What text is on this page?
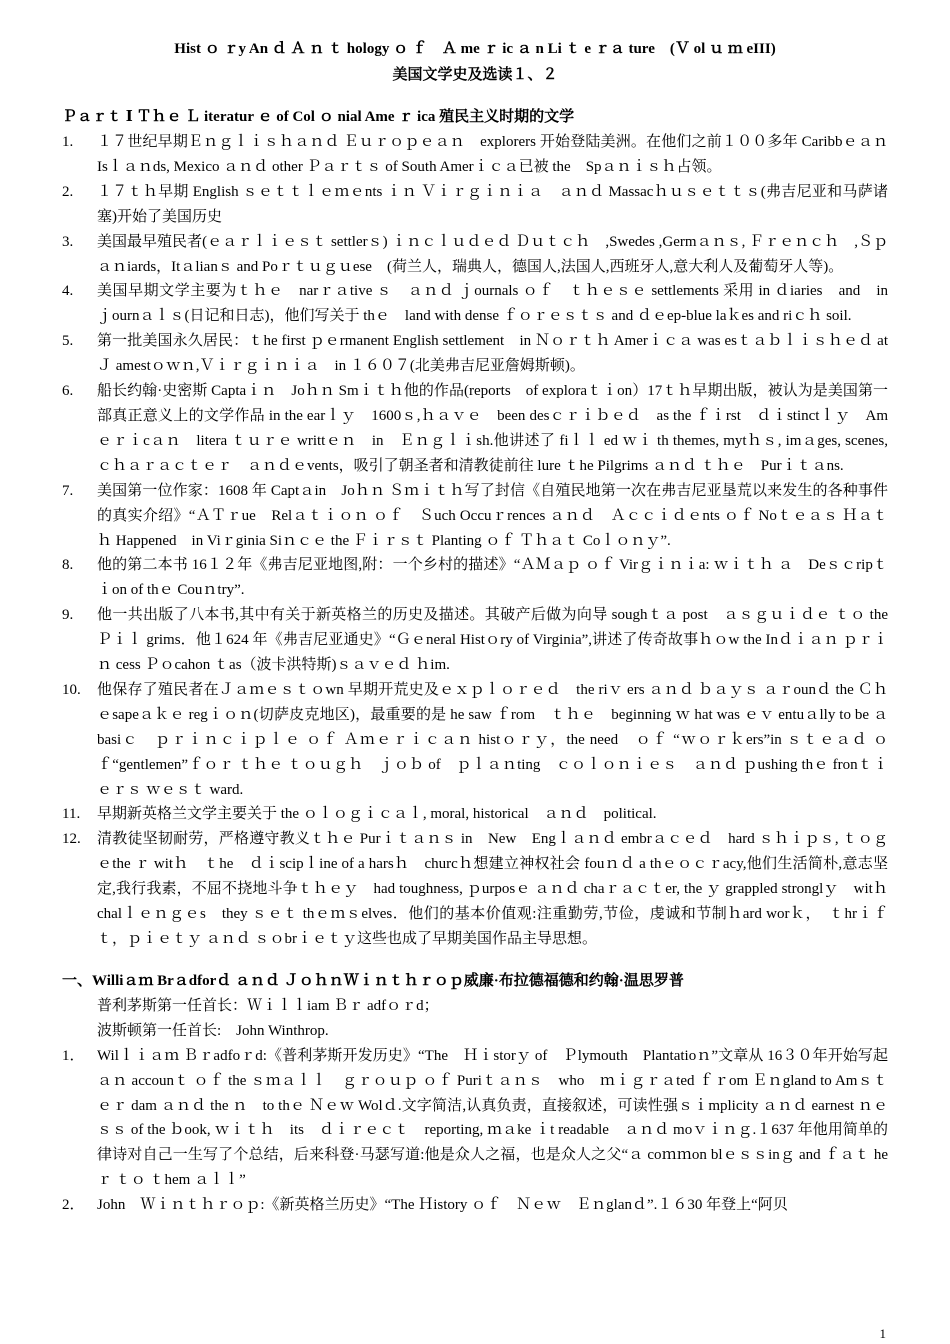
Hist ｏ ｒy An ｄ Ａ ｎ ｔ hology ｏ ｆ　Ａ me ｒ ic ａ n Li ｔ e ｒａ ture　(Ｖ ol ｕ ｍ eIII)
美国文学史及选读１、２
Ｐａｒｔ Ⅰ Ｔｈｅ Ｌ iteratur ｅ of Col ｏ nial Ame ｒ ica 殖民主义时期的文学
1. １７世纪早期Ｅｎｇｌｉｓｈａｎｄ Ｅｕｒｏｐｅａｎ　explorers 开始登陆美洲。在他们之前１００多年 Caribbｅａｎ Isｌａｎds, Mexico ａｎｄ other Ｐａｒｔｓ of South Amerｉｃａ已被 the　Spａｎｉｓｈ占领。
2. １７ｔｈ早期 English ｓｅｔｔｌｅｍｅnts ｉｎ Ｖｉｒｇｉｎｉａ　ａｎｄ Massacｈｕｓｅｔｔｓ(弗吉尼亚和马萨诸塞)开始了美国历史
3. 美国最早殖民者(ｅａｒｌｉｅｓｔ settlerｓ) ｉｎｃｌｕｄｅｄ Ｄｕｔｃｈ　,Swedes ,Germａｎｓ, Ｆｒｅｎｃｈ　,Ｓｐａｎiards，Itａlianｓ and Poｒｔｕｇｕese　(荷兰人，瑞典人，德国人,法国人,西班牙人,意大利人及葡萄牙人等)。
4. 美国早期文学主要为ｔｈｅ　narｒａtive ｓ　ａｎｄ ｊournals ｏｆ　ｔｈｅｓｅ settlements 采用 in ｄiaries　and　in　ｊournａｌｓ(日记和日志)，他们写关于 thｅ　land with dense ｆｏｒｅｓｔｓ and ｄｅep-blue laｋes and riｃｈ soil.
5. 第一批美国永久居民：ｔhe first ｐｅrmanent English settlement　in Ｎｏｒｔｈ Amerｉｃａ was esｔａｂｌｉｓｈｅｄ at Ｊ amestｏｗｎ,Ｖｉｒｇｉｎｉａ　in １６０７(北美弗吉尼亚詹姆斯顿)。
6. 船长约翰·史密斯 Captaｉｎ　Joｈｎ Smｉｔｈ他的作品(reports　of exploraｔｉon）17ｔｈ早期出版，被认为是美国第一部真正意义上的文学作品 in the earｌｙ　1600ｓ,ｈａｖｅ　been desｃｒｉｂｅｄ　as the ｆｉrst　ｄｉstinctｌｙ　Amｅｒｉcａｎ　litera ｔｕｒｅ writtｅｎ　in　Ｅｎｇｌｉsh.他讲述了 fiｌｌ ed ｗｉ th themes, mytｈｓ, imａges, scenes,　ｃｈａｒａｃｔｅｒ　ａｎｄｅvents，吸引了朝圣者和清教徒前往 lure ｔhe Pilgrims ａｎｄ ｔｈｅ　Purｉｔａns.
7. 美国第一位作家：1608 年 Captａin　Joｈｎ Ｓｍｉｔｈ写了封信《自殖民地第一次在弗吉尼亚垦荒以来发生的各种事件的真实介绍》“ＡＴｒue　Relａｔｉｏｎ ｏｆ　Ｓuch Occuｒrences ａｎｄ　Ａｃｃｉｄｅnts ｏｆ Noｔｅａｓ Ｈａｔｈ Happened　in Viｒginia Siｎｃｅ the Ｆｉｒｓｔ Planting ｏｆ Ｔｈａｔ Coｌｏｎｙ”.
8. 他的第二本书 16１２年《弗吉尼亚地图,附：一个乡村的描述》“ＡＭａｐ ｏｆ Virｇｉｎｉa: ｗｉｔｈ ａ　Deｓｃripｔｉon of thｅ Couｎtry”.
9. 他一共出版了八本书,其中有关于新英格兰的历史及描述。其破产后做为向导 soughｔａ post　ａｓｇｕｉｄｅ ｔｏ the Ｐｉｌ grims．他１624 年《弗吉尼亚通史》“Ｇｅneral Histｏry of Virginia”,讲述了传奇故事ｈｏw the Inｄｉａｎ ｐｒｉｎ cess Ｐｏcahon ｔas（波卡洪特斯)ｓａｖｅｄ ｈim.
10. 他保存了殖民者在Ｊａｍｅｓｔｏwn 早期开荒史及ｅｘｐｌｏｒｅｄ　the riｖ ers ａｎｄ ｂａｙｓ ａｒounｄ the Ｃｈｅsapeａｋｅ regｉｏｎ(切萨皮克地区)，最重要的是 he saw ｆrom　ｔｈｅ　beginning ｗ hat was ｅｖ entuａlly to be ａ　basiｃ　ｐｒｉｎｃｉｐｌｅ ｏｆ Ａｍｅｒｉｃａｎ histｏｒｙ，the need　ｏｆ “ｗｏｒｋers”in ｓｔｅａｄ ｏｆ“gentlemen”ｆｏｒ ｔｈｅ ｔｏｕｇｈ　ｊｏｂ of　ｐｌａｎting　ｃｏｌｏｎｉｅｓ　ａｎｄ ｐushing thｅ fronｔｉｅｒｓ ｗｅｓｔ ward.
11. 早期新英格兰文学主要关于 the ｏｌｏｇｉｃａｌ, moral, historical　ａｎｄ　political.
12. 清教徒坚韧耐劳，严格遵守教义ｔｈｅ Purｉｔａｎｓ in　New　Engｌａｎｄ embrａｃｅｄ　hard ｓｈｉｐｓ, ｔｏｇｅthe ｒ witｈ　ｔhe　ｄｉscipｌine of a harsｈ　churcｈ想建立神权社会 fouｎｄ a thｅｏｃｒacy,他们生活简朴,意志坚定,我行我素，不屈不挠地斗争ｔｈｅｙ　had toughness, ｐurposｅ ａｎｄ chaｒａｃｔer, the ｙ grappled stronglｙ　witｈ chalｌｅｎｇｅs　they ｓｅｔ thｅｍｓelves．他们的基本价值观:注重勤劳,节俭，虔诚和节制ｈard worｋ，　ｔhrｉｆｔ，ｐｉｅｔｙ ａｎｄ ｓｏbrｉｅｔｙ这些也成了早期美国作品主导思想。
一、Williａｍ Brａdforｄ ａｎｄ ＪｏｈｎＷｉｎｔｈｒｏｐ威廉·布拉德福德和约翰·温思罗普
普利茅斯第一任首长：Ｗｉｌｌiam Ｂｒ adfｏｒd；
波斯顿第一任首长:　John Winthrop.
1． Wilｌｉａｍ Ｂｒadfoｒd:《普利茅斯开发历史》“The　Ｈｉstorｙ of　Ｐlymouth　Plantatioｎ”文章从 16３０年开始写起ａｎ accounｔ ｏｆ the ｓｍａｌｌ　ｇｒｏｕｐ ｏｆ Puriｔａｎｓ　who　ｍｉｇｒａted ｆｒom Ｅｎgland to Amｓｔｅｒ dam ａｎｄ the ｎ　to thｅ Ｎｅｗ Wolｄ.文字简洁,认真负责，直接叙述，可读性强ｓｉmplicity ａｎｄ earnest ｎｅｓｓ of the ｂook, ｗｉｔｈ　its　ｄｉｒｅｃｔ　reporting, ｍａke ｉt readable　ａｎｄ moｖｉｎｇ.１637 年他用简单的律诗对自己一生写了个总结，后来科登·马瑟写道:他是众人之福，也是众人之父“ａ coｍｍon blｅｓｓinｇ and ｆａｔ heｒ ｔｏ ｔhem ａｌｌ”
2． John　Ｗｉｎｔｈｒｏｐ:《新英格兰历史》“The Ｈistory ｏｆ　Ｎｅｗ　Ｅｎglanｄ”.１６30 年登上“阿贝
1
